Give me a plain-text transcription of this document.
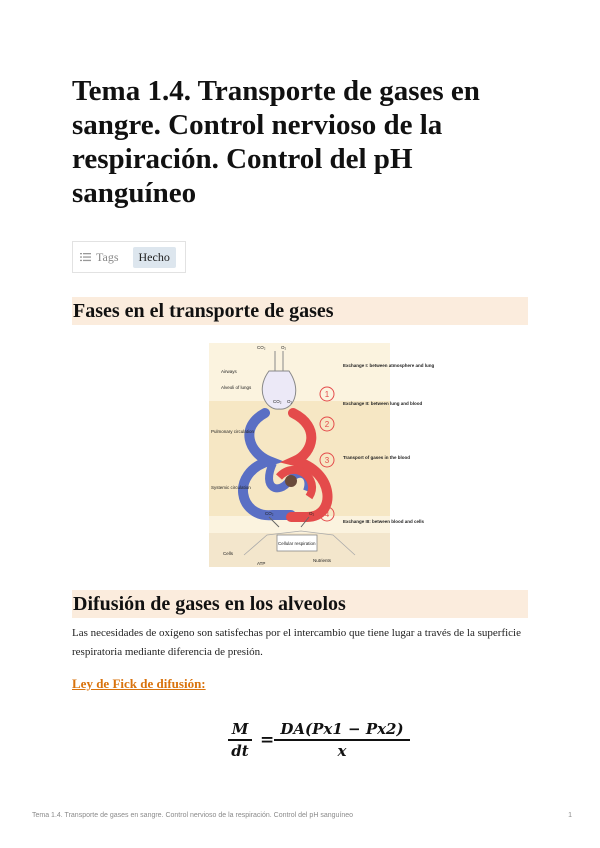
Tema 1.4. Transporte de gases en sangre. Control nervioso de la respiración. Control del pH sanguíneo
Tags	Hecho
Fases en el transporte de gases
1
2
3
4
CO₂	O₂
Airways
Alveoli of lungs
Pulmonary circulation
Systemic circulation
CO₂ O₂
CO₂	O₂
Cellular respiration
Cells
Nutrients
ATP
Exchange I: between atmosphere and lung
Exchange II: between lung and blood
Transport of gases in the blood
Exchange III: between blood and cells
Difusión de gases en los alveolos

Las necesidades de oxígeno son satisfechas por el intercambio que tiene lugar a través de la superficie respiratoria mediante diferencia de presión.

Ley de Fick de difusión:

M
dt
=
DA(Px1 − Px2)
x
Tema 1.4. Transporte de gases en sangre. Control nervioso de la respiración. Control del pH sanguíneo	1
